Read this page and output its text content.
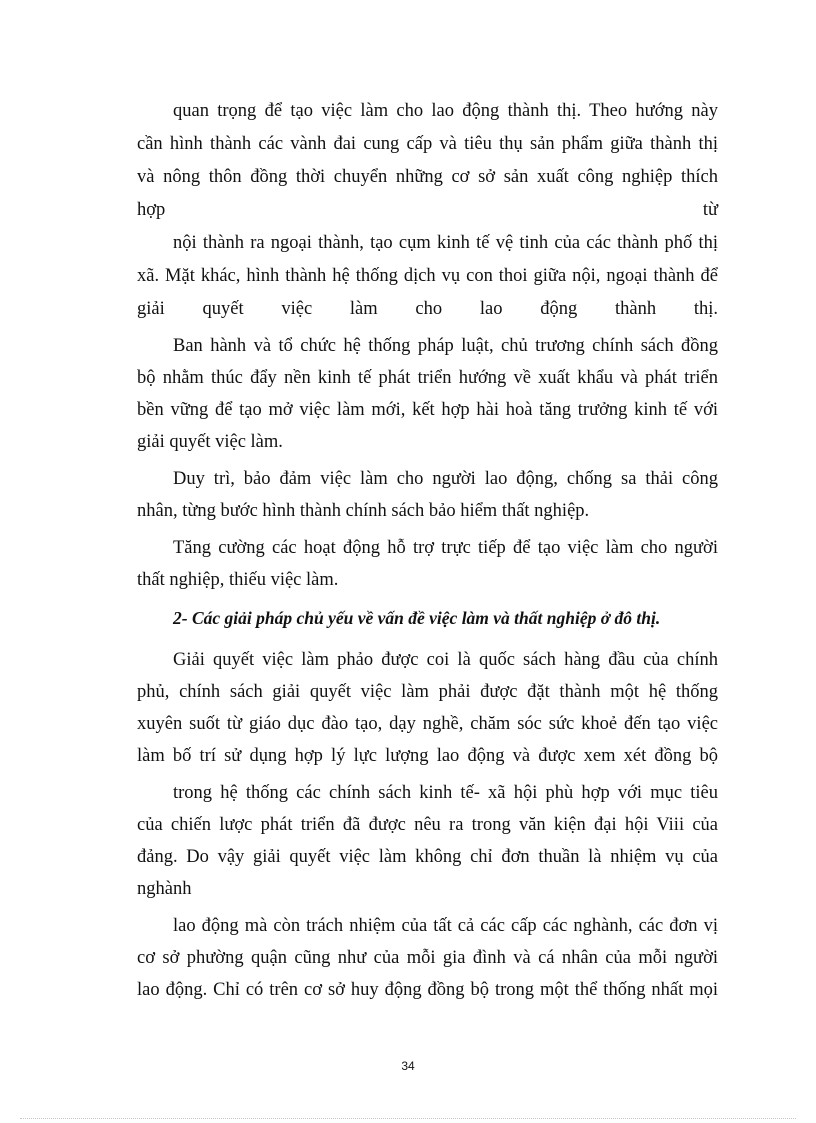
quan trọng để tạo việc làm cho lao động thành thị. Theo hướng này
cần hình thành các vành đai cung cấp và tiêu thụ sản phẩm giữa thành thị
và nông thôn đồng thời chuyển những cơ sở sản xuất công nghiệp thích
hợp từ
nội thành ra ngoại thành, tạo cụm kinh tế vệ tinh của các thành phố thị
xã. Mặt khác, hình thành hệ thống dịch vụ con thoi giữa nội, ngoại thành để
giải quyết việc làm cho lao động thành thị.
Ban hành và tổ chức hệ thống pháp luật, chủ trương chính sách đồng
bộ nhằm thúc đẩy nền kinh tế phát triển hướng về xuất khẩu và phát triển
bền vững để tạo mở việc làm mới, kết hợp hài hoà tăng trưởng kinh tế với
giải quyết việc làm.
Duy trì, bảo đảm việc làm cho người lao động, chống sa thải công
nhân, từng bước hình thành chính sách bảo hiểm thất nghiệp.
Tăng cường các hoạt động hỗ trợ trực tiếp để tạo việc làm cho người
thất nghiệp, thiếu việc làm.
2- Các giải pháp chủ yếu về vấn đề việc làm và thất nghiệp ở đô thị.
Giải quyết việc làm phảo được coi là quốc sách hàng đầu của chính
phủ, chính sách giải quyết việc làm phải được đặt thành một hệ thống
xuyên suốt từ giáo dục đào tạo, dạy nghề, chăm sóc sức khoẻ đến tạo việc
làm bố trí sử dụng hợp lý lực lượng lao động và được xem xét đồng bộ
trong hệ thống các chính sách kinh tế- xã hội phù hợp với mục tiêu
của chiến lược phát triển đã được nêu ra trong văn kiện đại hội Viii của
đảng. Do vậy giải quyết việc làm không chỉ đơn thuần là nhiệm vụ của
nghành
lao động mà còn trách nhiệm của tất cả các cấp các nghành, các đơn vị
cơ sở phường quận cũng như của mỗi gia đình và cá nhân của mỗi người
lao động. Chỉ có trên cơ sở huy động đồng bộ trong một thể thống nhất mọi
34
